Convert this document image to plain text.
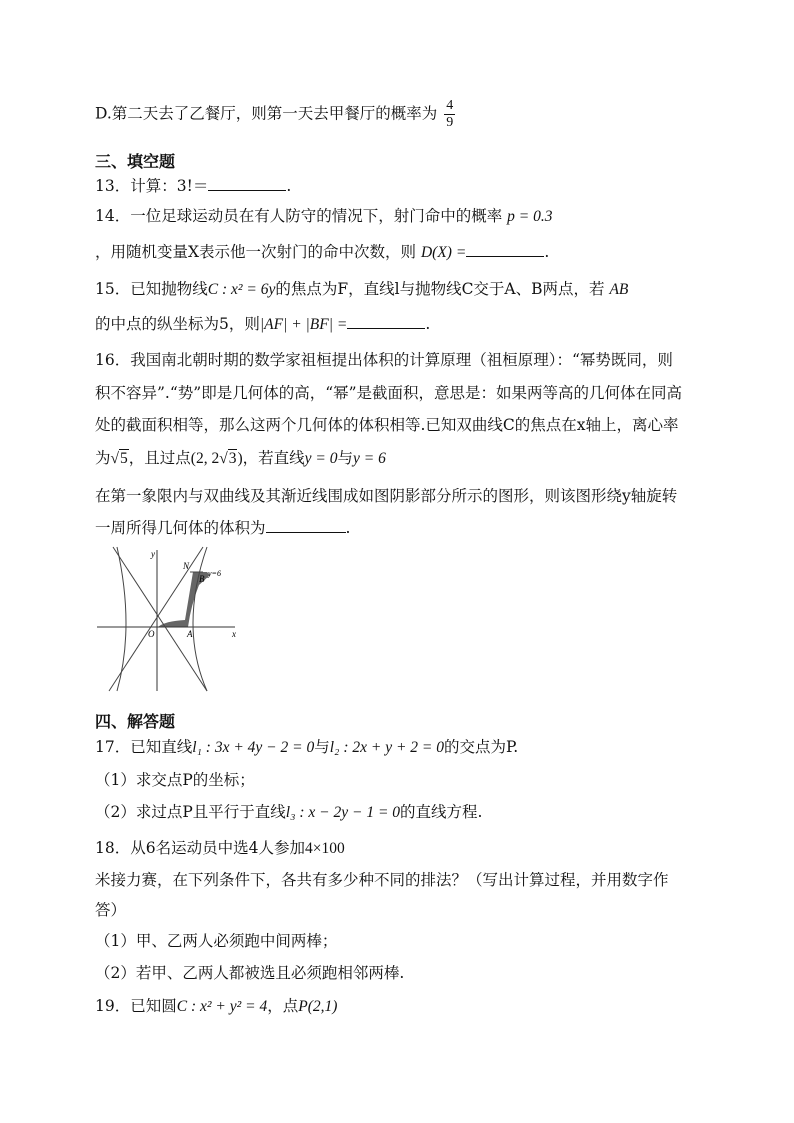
D.第二天去了乙餐厅，则第一天去甲餐厅的概率为 $\frac{4}{9}$
三、填空题
13．计算：3!＝	.
14．一位足球运动员在有人防守的情况下，射门命中的概率 p = 0.3
，用随机变量X表示他一次射门的命中次数，则 D(X) =	.
15．已知抛物线C : x² = 6y的焦点为F，直线l与抛物线C交于A、B两点，若 AB
的中点的纵坐标为5，则|AF| + |BF| =	.
16．我国南北朝时期的数学家祖桓提出体积的计算原理（祖桓原理）：“幂势既同，则
积不容异”.“势”即是几何体的高，“幂”是截面积，意思是：如果两等高的几何体在同高
处的截面积相等，那么这两个几何体的体积相等.已知双曲线C的焦点在x轴上，离心率
为√5，且过点(2, 2√3)，若直线y = 0与y = 6
在第一象限内与双曲线及其渐近线围成如图阴影部分所示的图形，则该图形绕y轴旋转
一周所得几何体的体积为	.
y
x
O	A
N
B
y=6
四、解答题
17．已知直线l₁ : 3x + 4y − 2 = 0与l₂ : 2x + y + 2 = 0的交点为P.
（1）求交点P的坐标；
（2）求过点P且平行于直线l₃ : x − 2y − 1 = 0的直线方程.
18．从6名运动员中选4人参加4×100
米接力赛，在下列条件下，各共有多少种不同的排法？（写出计算过程，并用数字作
答）
（1）甲、乙两人必须跑中间两棒；
（2）若甲、乙两人都被选且必须跑相邻两棒.
19．已知圆C : x² + y² = 4，点P(2,1)
